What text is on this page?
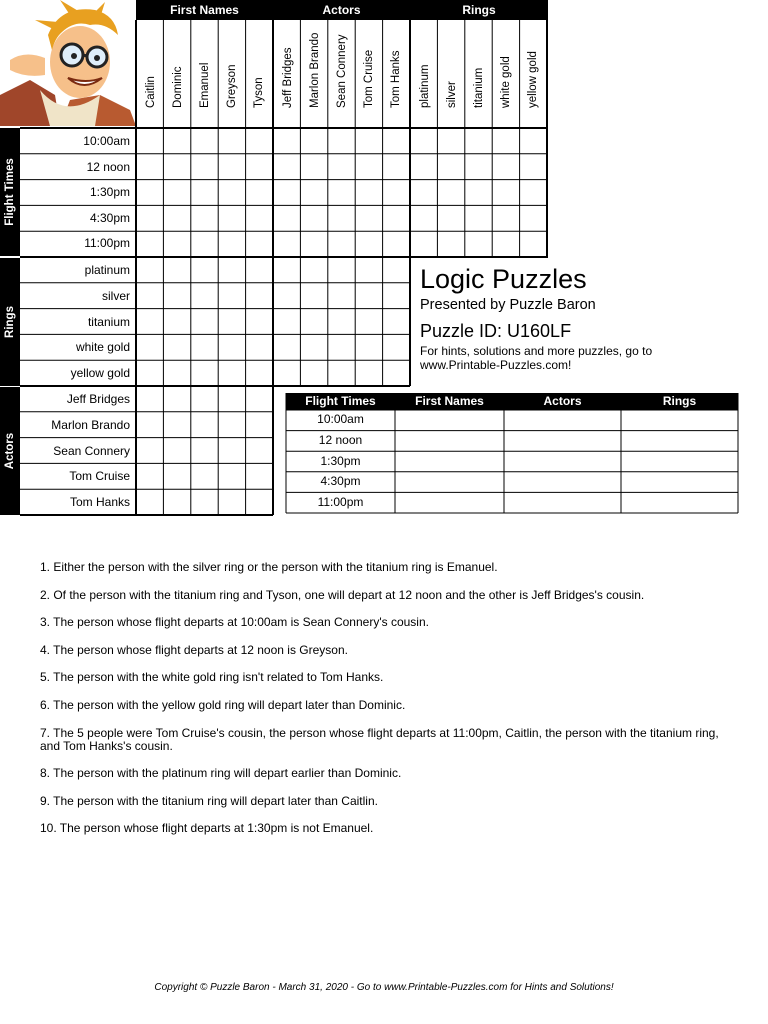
First Names	Actors	Rings
Caitlin Dominic Emanuel Greyson Tyson Jeff Bridges Marlon Brando Sean Connery Tom Cruise Tom Hanks platinum silver titanium white gold yellow gold
Flight Times
Rings
Actors
10:00am
12 noon
1:30pm
4:30pm
11:00pm
platinum
silver
titanium
white gold
yellow gold
Jeff Bridges
Marlon Brando
Sean Connery
Tom Cruise
Tom Hanks
Logic Puzzles
Presented by Puzzle Baron
Puzzle ID: U160LF
For hints, solutions and more puzzles, go to
www.Printable-Puzzles.com!
Flight Times	First Names	Actors	Rings
10:00am
12 noon
1:30pm
4:30pm
11:00pm
1. Either the person with the silver ring or the person with the titanium ring is Emanuel.
2. Of the person with the titanium ring and Tyson, one will depart at 12 noon and the other is Jeff Bridges's cousin.
3. The person whose flight departs at 10:00am is Sean Connery's cousin.
4. The person whose flight departs at 12 noon is Greyson.
5. The person with the white gold ring isn't related to Tom Hanks.
6. The person with the yellow gold ring will depart later than Dominic.
7. The 5 people were Tom Cruise's cousin, the person whose flight departs at 11:00pm, Caitlin, the person with the titanium ring, and Tom Hanks's cousin.
8. The person with the platinum ring will depart earlier than Dominic.
9. The person with the titanium ring will depart later than Caitlin.
10. The person whose flight departs at 1:30pm is not Emanuel.
Copyright © Puzzle Baron - March 31, 2020 - Go to www.Printable-Puzzles.com for Hints and Solutions!
